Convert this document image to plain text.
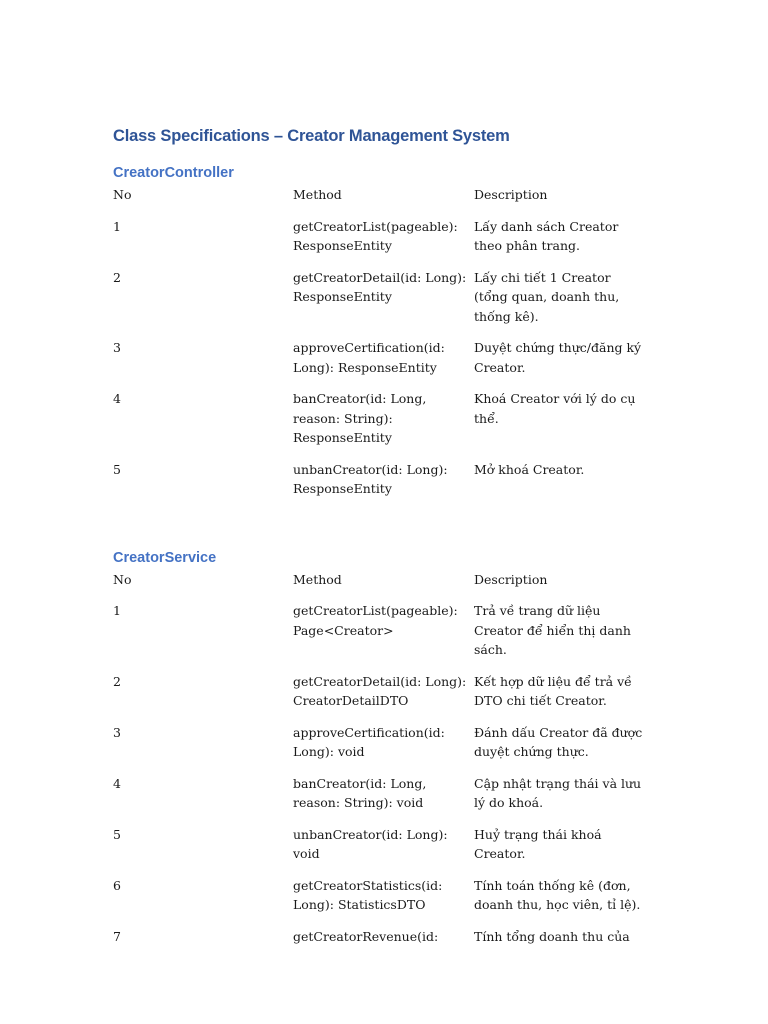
Class Specifications – Creator Management System
CreatorController
No	Method	Description
1	getCreatorList(pageable): ResponseEntity	Lấy danh sách Creator theo phân trang.
2	getCreatorDetail(id: Long): ResponseEntity	Lấy chi tiết 1 Creator (tổng quan, doanh thu, thống kê).
3	approveCertification(id: Long): ResponseEntity	Duyệt chứng thực/đăng ký Creator.
4	banCreator(id: Long, reason: String): ResponseEntity	Khoá Creator với lý do cụ thể.
5	unbanCreator(id: Long): ResponseEntity	Mở khoá Creator.
CreatorService
No	Method	Description
1	getCreatorList(pageable): Page<Creator>	Trả về trang dữ liệu Creator để hiển thị danh sách.
2	getCreatorDetail(id: Long): CreatorDetailDTO	Kết hợp dữ liệu để trả về DTO chi tiết Creator.
3	approveCertification(id: Long): void	Đánh dấu Creator đã được duyệt chứng thực.
4	banCreator(id: Long, reason: String): void	Cập nhật trạng thái và lưu lý do khoá.
5	unbanCreator(id: Long): void	Huỷ trạng thái khoá Creator.
6	getCreatorStatistics(id: Long): StatisticsDTO	Tính toán thống kê (đơn, doanh thu, học viên, tỉ lệ).
7	getCreatorRevenue(id:	Tính tổng doanh thu của
